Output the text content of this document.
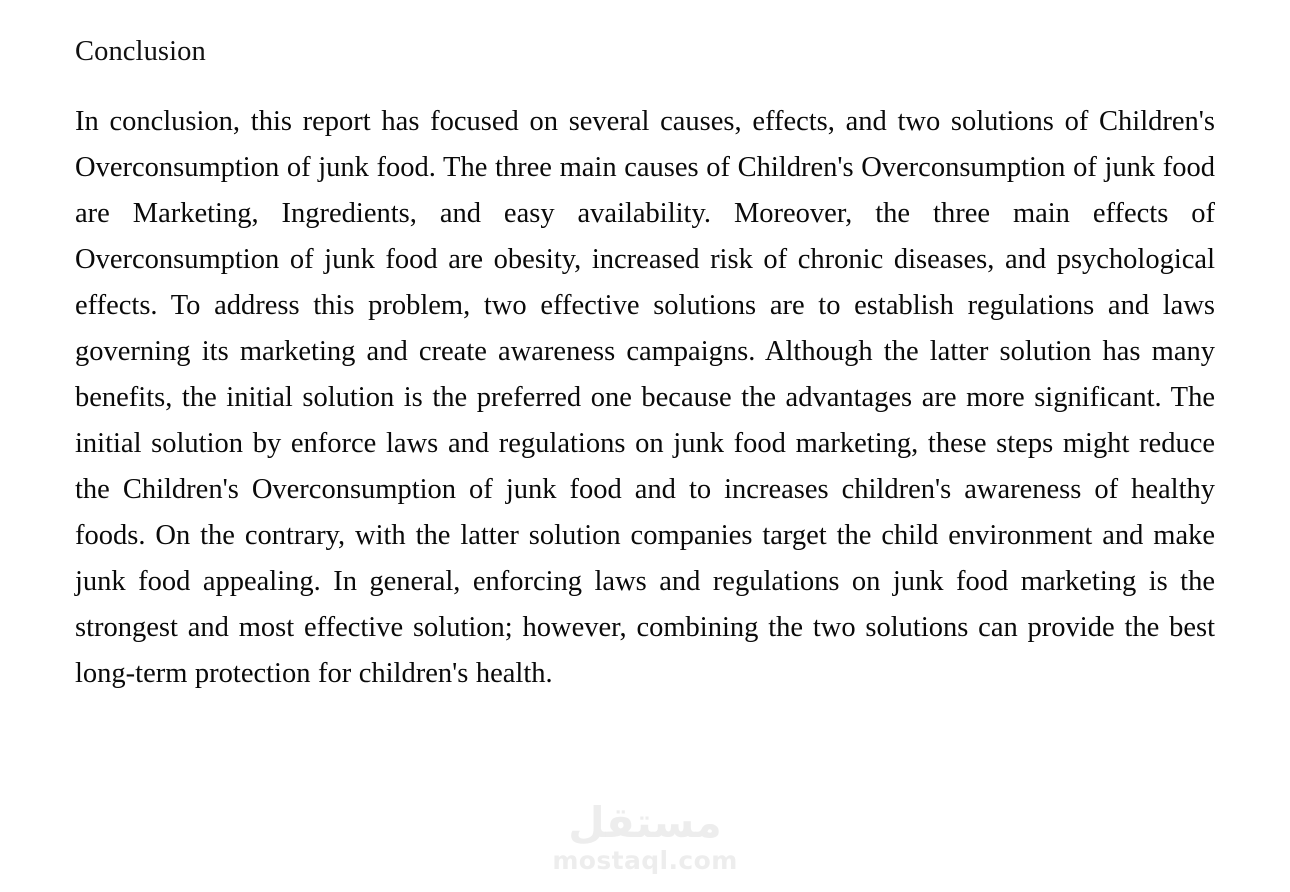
Conclusion

In conclusion, this report has focused on several causes, effects, and two solutions of Children's Overconsumption of junk food. The three main causes of Children's Overconsumption of junk food are Marketing, Ingredients, and easy availability. Moreover, the three main effects of Overconsumption of junk food are obesity, increased risk of chronic diseases, and psychological effects. To address this problem, two effective solutions are to establish regulations and laws governing its marketing and create awareness campaigns. Although the latter solution has many benefits, the initial solution is the preferred one because the advantages are more significant. The initial solution by enforce laws and regulations on junk food marketing, these steps might reduce the Children's Overconsumption of junk food and to increases children's awareness of healthy foods. On the contrary, with the latter solution companies target the child environment and make junk food appealing. In general, enforcing laws and regulations on junk food marketing is the strongest and most effective solution; however, combining the two solutions can provide the best long-term protection for children's health.

مستقل
mostaql.com
